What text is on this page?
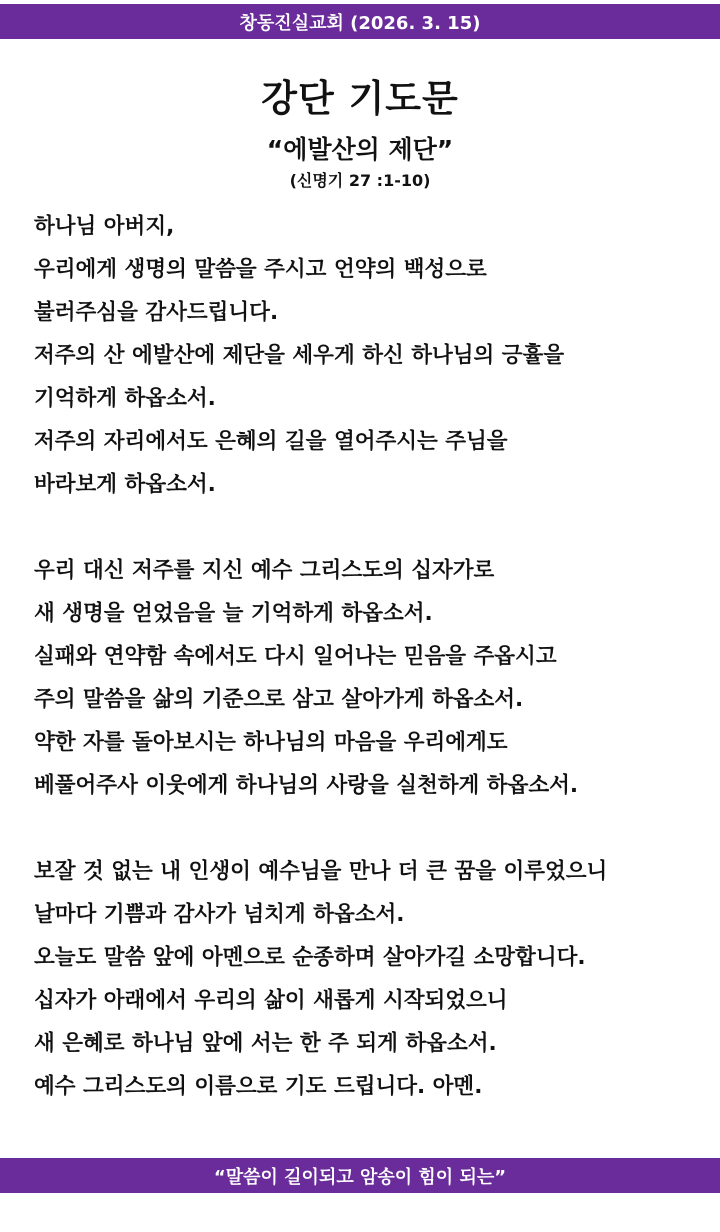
창동진실교회 (2026. 3. 15)
강단 기도문
“에발산의 제단”
(신명기 27 :1-10)
하나님 아버지,
우리에게 생명의 말씀을 주시고 언약의 백성으로
불러주심을 감사드립니다.
저주의 산 에발산에 제단을 세우게 하신 하나님의 긍휼을
기억하게 하옵소서.
저주의 자리에서도 은혜의 길을 열어주시는 주님을
바라보게 하옵소서.
우리 대신 저주를 지신 예수 그리스도의 십자가로
새 생명을 얻었음을 늘 기억하게 하옵소서.
실패와 연약함 속에서도 다시 일어나는 믿음을 주옵시고
주의 말씀을 삶의 기준으로 삼고 살아가게 하옵소서.
약한 자를 돌아보시는 하나님의 마음을 우리에게도
베풀어주사 이웃에게 하나님의 사랑을 실천하게 하옵소서.
보잘 것 없는 내 인생이 예수님을 만나 더 큰 꿈을 이루었으니
날마다 기쁨과 감사가 넘치게 하옵소서.
오늘도 말씀 앞에 아멘으로 순종하며 살아가길 소망합니다.
십자가 아래에서 우리의 삶이 새롭게 시작되었으니
새 은혜로 하나님 앞에 서는 한 주 되게 하옵소서.
예수 그리스도의 이름으로 기도 드립니다. 아멘.
“말씀이 길이되고 암송이 힘이 되는”
